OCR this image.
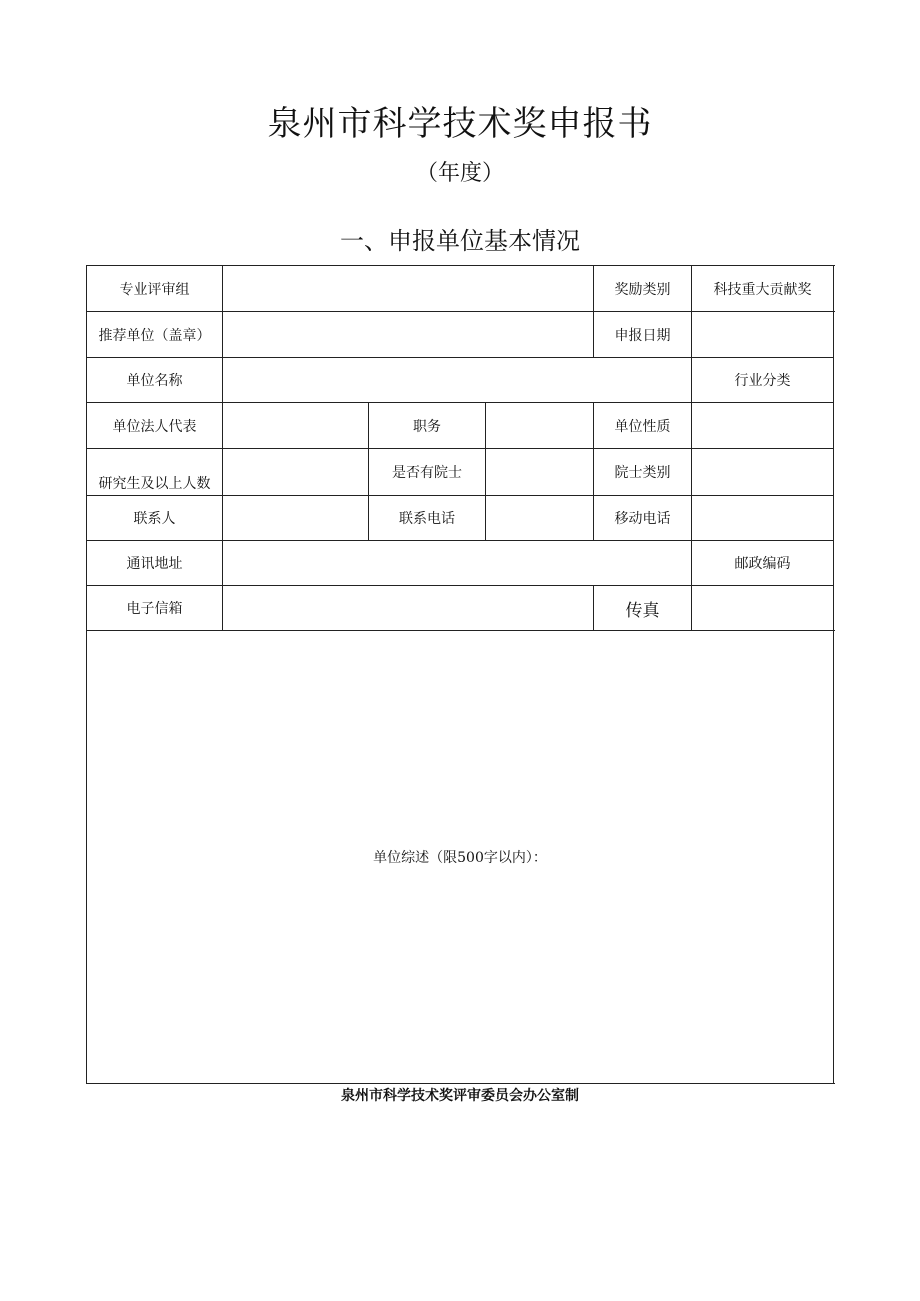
泉州市科学技术奖申报书
（年度）
一、申报单位基本情况
专业评审组				奖励类别	科技重大贡献奖	
推荐单位（盖章）				申报日期		
单位名称					行业分类	
单位法人代表		职务		单位性质		
研究生及以上人数		是否有院士		院士类别		
联系人		联系电话		移动电话		
通讯地址					邮政编码	
电子信箱				传真		
单位综述（限500字以内）：						
泉州市科学技术奖评审委员会办公室制
